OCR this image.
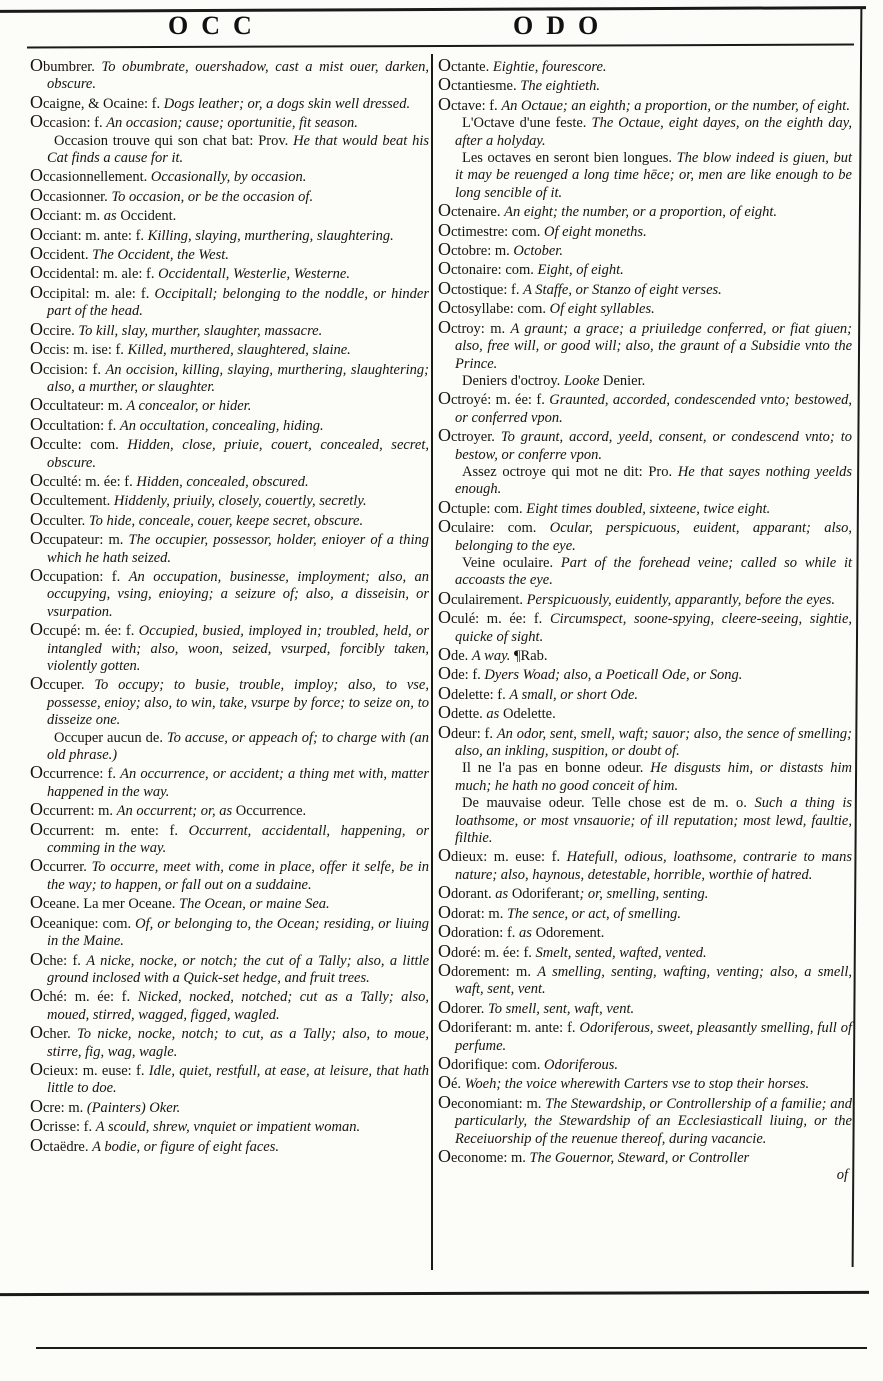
OCC	ODO
Obumbrer. To obumbrate, ouershadow, cast a mist ouer, darken, obscure.
Ocaigne, & Ocaine: f. Dogs leather; or, a dogs skin well dressed.
Occasion: f. An occasion; cause; oportunitie, fit season.
Occasion trouve qui son chat bat: Prov. He that would beat his Cat finds a cause for it.
Occasionnellement. Occasionally, by occasion.
Occasionner. To occasion, or be the occasion of.
Occiant: m. as Occident.
Occiant: m. ante: f. Killing, slaying, murthering, slaughtering.
Occident. The Occident, the West.
Occidental: m. ale: f. Occidentall, Westerlie, Westerne.
Occipital: m. ale: f. Occipitall; belonging to the noddle, or hinder part of the head.
Occire. To kill, slay, murther, slaughter, massacre.
Occis: m. ise: f. Killed, murthered, slaughtered, slaine.
Occision: f. An occision, killing, slaying, murthering, slaughtering; also, a murther, or slaughter.
Occultateur: m. A concealor, or hider.
Occultation: f. An occultation, concealing, hiding.
Occulte: com. Hidden, close, priuie, couert, concealed, secret, obscure.
Occulté: m. ée: f. Hidden, concealed, obscured.
Occultement. Hiddenly, priuily, closely, couertly, secretly.
Occulter. To hide, conceale, couer, keepe secret, obscure.
Occupateur: m. The occupier, possessor, holder, enioyer of a thing which he hath seized.
Occupation: f. An occupation, businesse, imployment; also, an occupying, vsing, enioying; a seizure of; also, a disseisin, or vsurpation.
Occupé: m. ée: f. Occupied, busied, imployed in; troubled, held, or intangled with; also, woon, seized, vsurped, forcibly taken, violently gotten.
Occuper. To occupy; to busie, trouble, imploy; also, to vse, possesse, enioy; also, to win, take, vsurpe by force; to seize on, to disseize one.
Occuper aucun de. To accuse, or appeach of; to charge with (an old phrase.)
Occurrence: f. An occurrence, or accident; a thing met with, matter happened in the way.
Occurrent: m. An occurrent; or, as Occurrence.
Occurrent: m. ente: f. Occurrent, accidentall, happening, or comming in the way.
Occurrer. To occurre, meet with, come in place, offer it selfe, be in the way; to happen, or fall out on a suddaine.
Oceane. La mer Oceane. The Ocean, or maine Sea.
Oceanique: com. Of, or belonging to, the Ocean; residing, or liuing in the Maine.
Oche: f. A nicke, nocke, or notch; the cut of a Tally; also, a little ground inclosed with a Quick-set hedge, and fruit trees.
Oché: m. ée: f. Nicked, nocked, notched; cut as a Tally; also, moued, stirred, wagged, figged, wagled.
Ocher. To nicke, nocke, notch; to cut, as a Tally; also, to moue, stirre, fig, wag, wagle.
Ocieux: m. euse: f. Idle, quiet, restfull, at ease, at leisure, that hath little to doe.
Ocre: m. (Painters) Oker.
Ocrisse: f. A scould, shrew, vnquiet or impatient woman.
Octaëdre. A bodie, or figure of eight faces.
Octante. Eightie, fourescore.
Octantiesme. The eightieth.
Octave: f. An Octaue; an eighth; a proportion, or the number, of eight.
L'Octave d'une feste. The Octaue, eight dayes, on the eighth day, after a holyday.
Les octaves en seront bien longues. The blow indeed is giuen, but it may be reuenged a long time hēce; or, men are like enough to be long sencible of it.
Octenaire. An eight; the number, or a proportion, of eight.
Octimestre: com. Of eight moneths.
Octobre: m. October.
Octonaire: com. Eight, of eight.
Octostique: f. A Staffe, or Stanzo of eight verses.
Octosyllabe: com. Of eight syllables.
Octroy: m. A graunt; a grace; a priuiledge conferred, or fiat giuen; also, free will, or good will; also, the graunt of a Subsidie vnto the Prince.
Deniers d'octroy. Looke Denier.
Octroyé: m. ée: f. Graunted, accorded, condescended vnto; bestowed, or conferred vpon.
Octroyer. To graunt, accord, yeeld, consent, or condescend vnto; to bestow, or conferre vpon.
Assez octroye qui mot ne dit: Pro. He that sayes nothing yeelds enough.
Octuple: com. Eight times doubled, sixteene, twice eight.
Oculaire: com. Ocular, perspicuous, euident, apparant; also, belonging to the eye.
Veine oculaire. Part of the forehead veine; called so while it accoasts the eye.
Oculairement. Perspicuously, euidently, apparantly, before the eyes.
Oculé: m. ée: f. Circumspect, soone-spying, cleere-seeing, sightie, quicke of sight.
Ode. A way. ¶Rab.
Ode: f. Dyers Woad; also, a Poeticall Ode, or Song.
Odelette: f. A small, or short Ode.
Odette. as Odelette.
Odeur: f. An odor, sent, smell, waft; sauor; also, the sence of smelling; also, an inkling, suspition, or doubt of.
Il ne l'a pas en bonne odeur. He disgusts him, or distasts him much; he hath no good conceit of him.
De mauvaise odeur. Telle chose est de m. o. Such a thing is loathsome, or most vnsauorie; of ill reputation; most lewd, faultie, filthie.
Odieux: m. euse: f. Hatefull, odious, loathsome, contrarie to mans nature; also, haynous, detestable, horrible, worthie of hatred.
Odorant. as Odoriferant; or, smelling, senting.
Odorat: m. The sence, or act, of smelling.
Odoration: f. as Odorement.
Odoré: m. ée: f. Smelt, sented, wafted, vented.
Odorement: m. A smelling, senting, wafting, venting; also, a smell, waft, sent, vent.
Odorer. To smell, sent, waft, vent.
Odoriferant: m. ante: f. Odoriferous, sweet, pleasantly smelling, full of perfume.
Odorifique: com. Odoriferous.
Oé. Woeh; the voice wherewith Carters vse to stop their horses.
Oeconomiant: m. The Stewardship, or Controllership of a familie; and particularly, the Stewardship of an Ecclesiasticall liuing, or the Receiuorship of the reuenue thereof, during vacancie.
Oeconome: m. The Gouernor, Steward, or Controller
of
